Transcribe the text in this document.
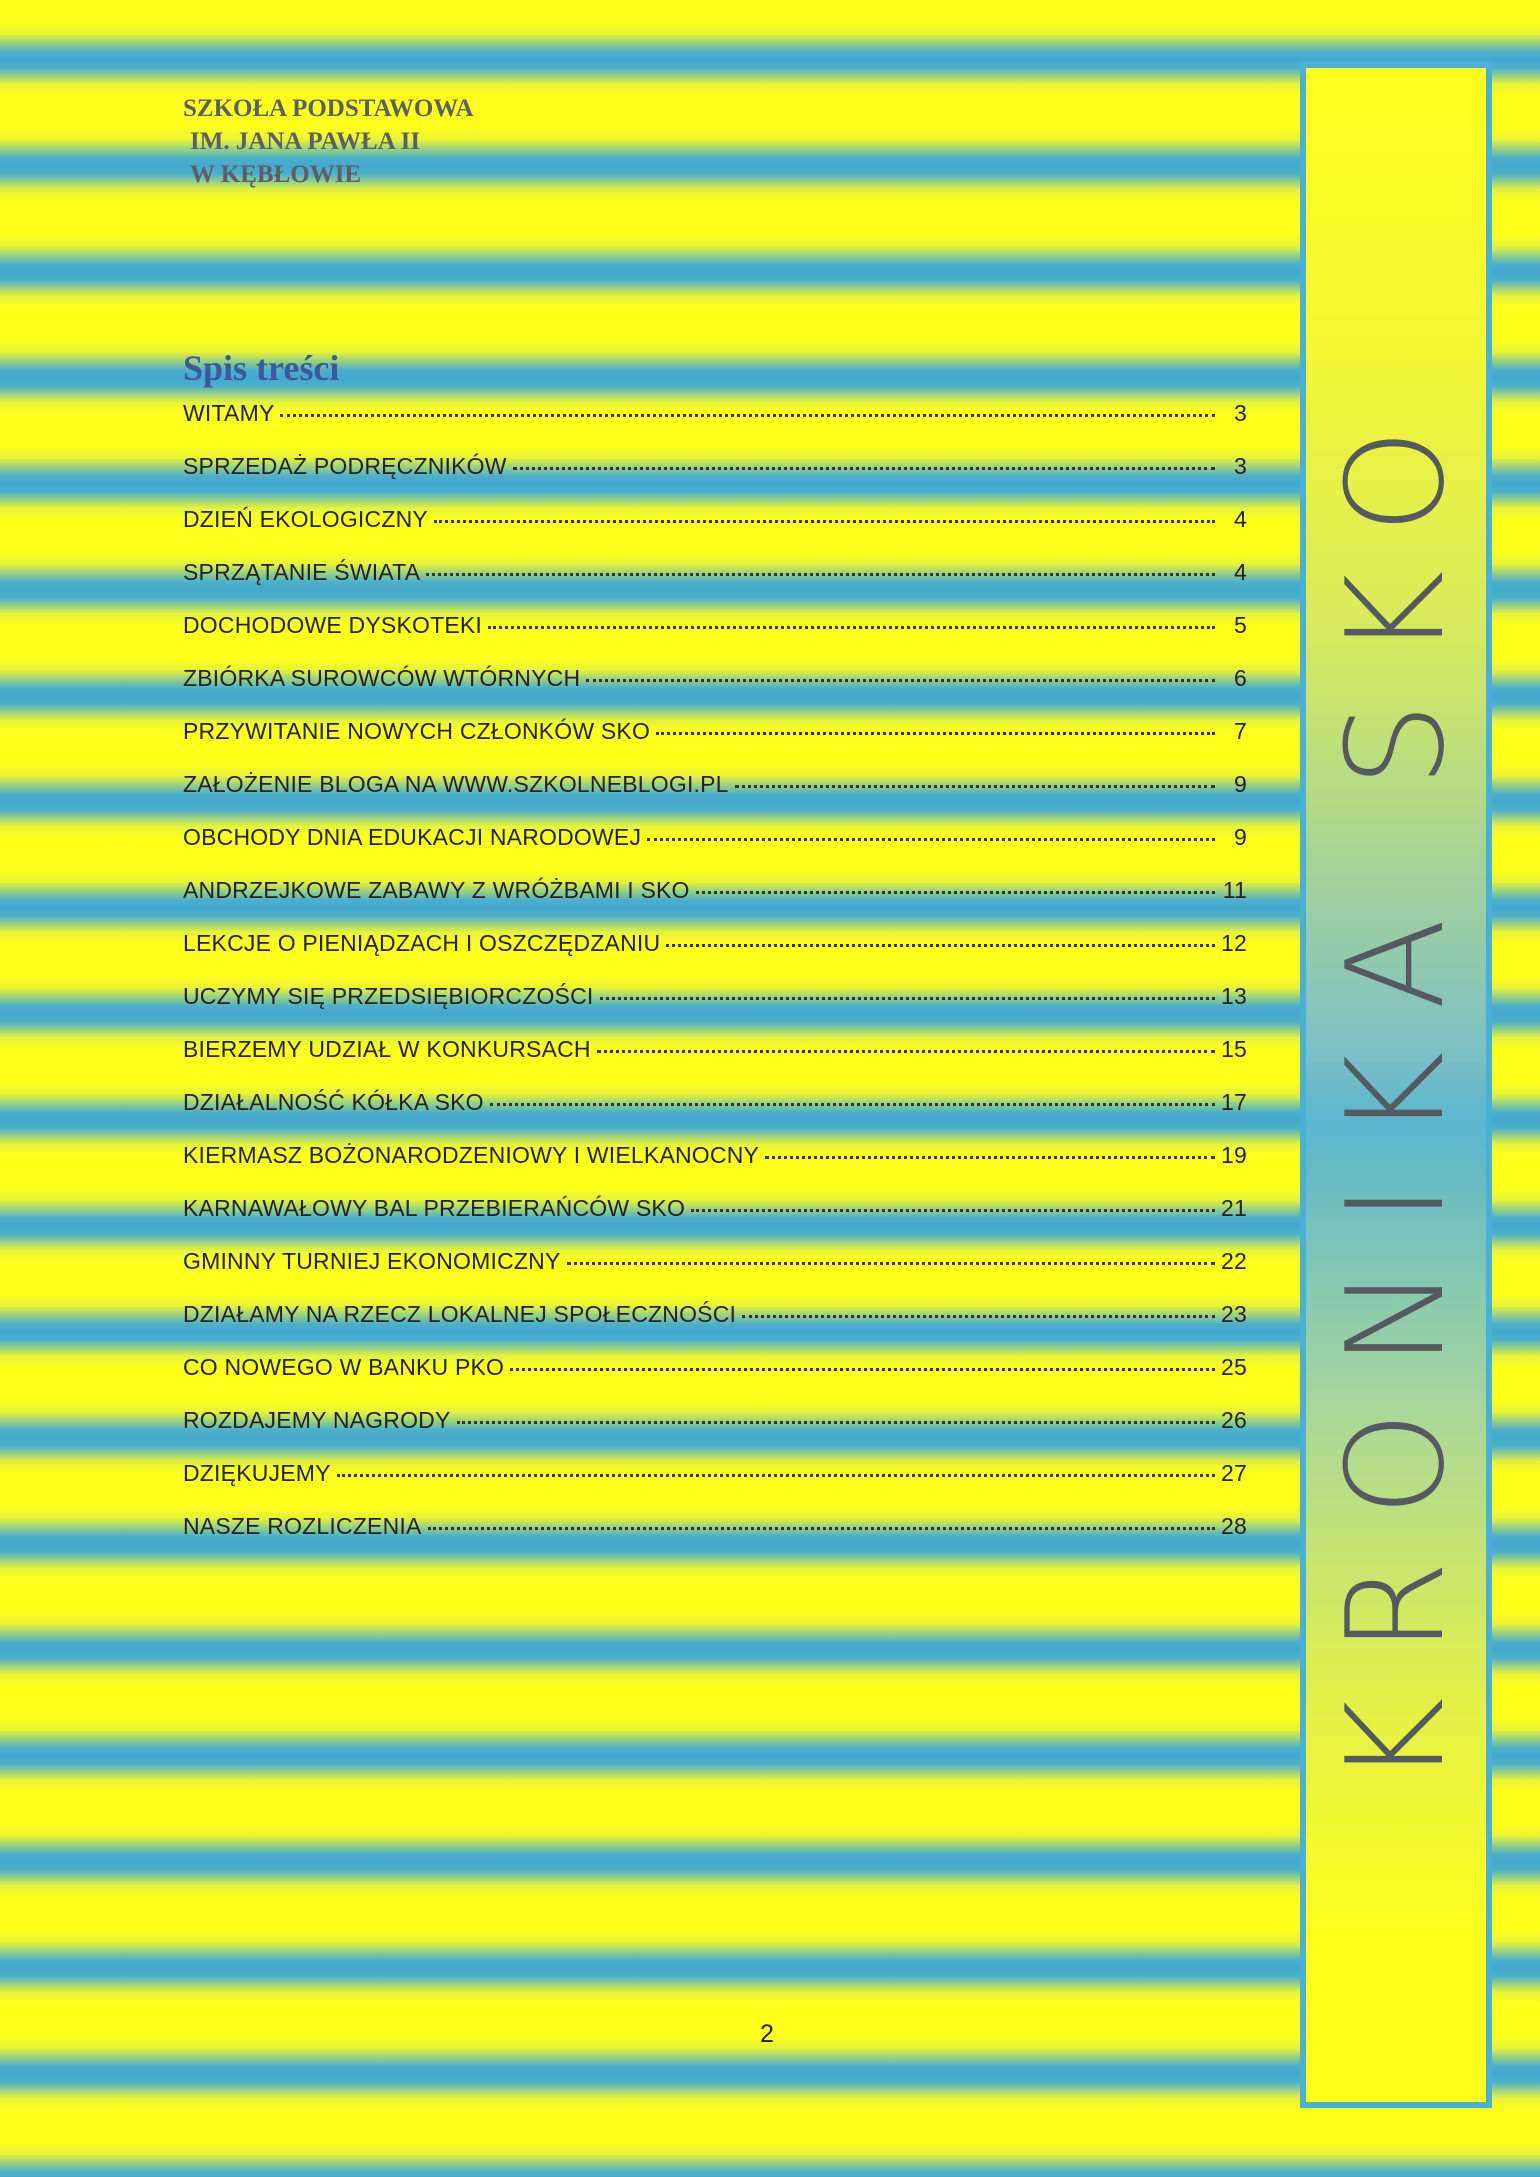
SZKOŁA PODSTAWOWA
IM. JANA PAWŁA II
W KĘBŁOWIE
Spis treści
WITAMY	3
SPRZEDAŻ PODRĘCZNIKÓW	3
DZIEŃ EKOLOGICZNY	4
SPRZĄTANIE ŚWIATA	4
DOCHODOWE DYSKOTEKI	5
ZBIÓRKA SUROWCÓW WTÓRNYCH	6
PRZYWITANIE NOWYCH CZŁONKÓW SKO	7
ZAŁOŻENIE BLOGA NA WWW.SZKOLNEBLOGI.PL	9
OBCHODY DNIA EDUKACJI NARODOWEJ	9
ANDRZEJKOWE ZABAWY Z WRÓŻBAMI I SKO	11
LEKCJE O PIENIĄDZACH I OSZCZĘDZANIU	12
UCZYMY SIĘ PRZEDSIĘBIORCZOŚCI	13
BIERZEMY UDZIAŁ W KONKURSACH	15
DZIAŁALNOŚĆ KÓŁKA SKO	17
KIERMASZ BOŻONARODZENIOWY I WIELKANOCNY	19
KARNAWAŁOWY BAL PRZEBIERAŃCÓW SKO	21
GMINNY TURNIEJ EKONOMICZNY	22
DZIAŁAMY NA RZECZ LOKALNEJ SPOŁECZNOŚCI	23
CO NOWEGO W BANKU PKO	25
ROZDAJEMY NAGRODY	26
DZIĘKUJEMY	27
NASZE ROZLICZENIA	28
2
KRONIKA SKO
